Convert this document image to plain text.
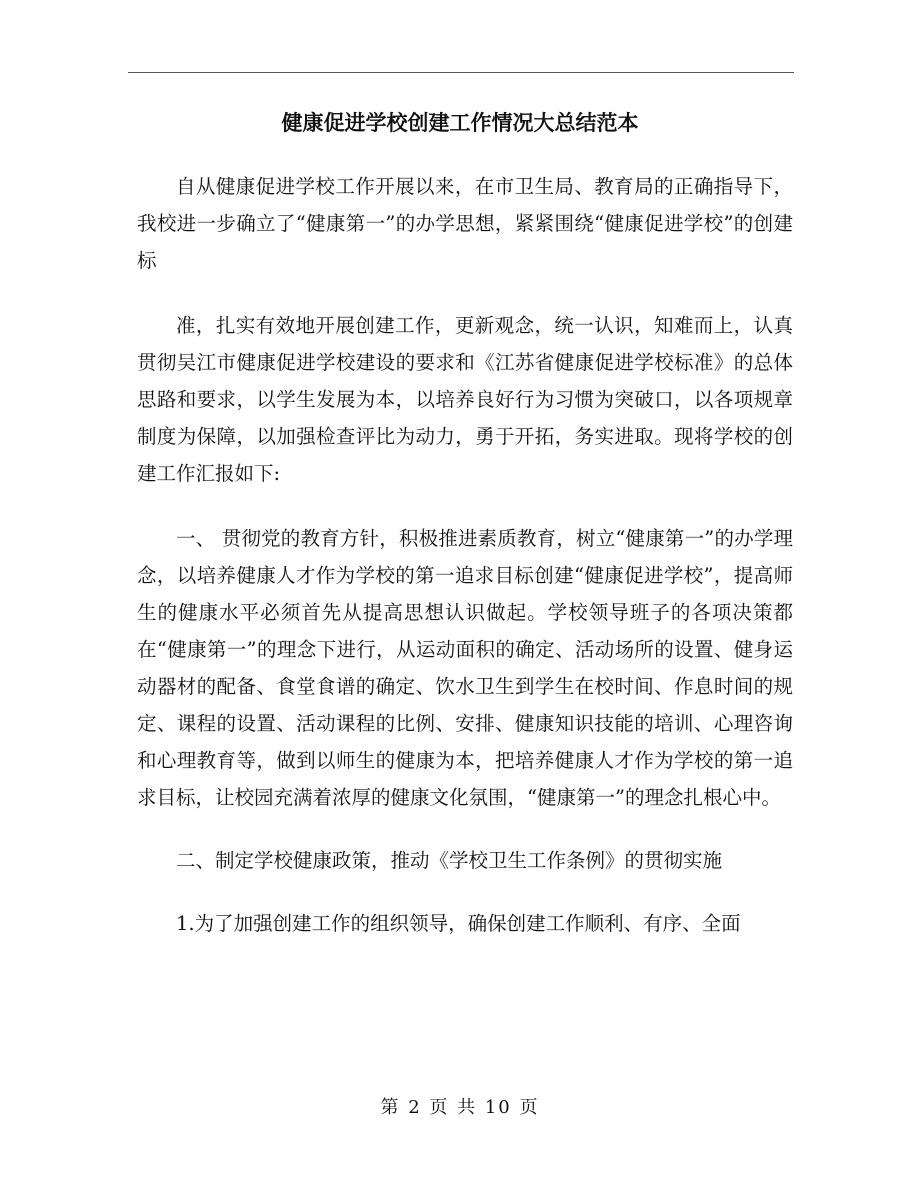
健康促进学校创建工作情况大总结范本

自从健康促进学校工作开展以来，在市卫生局、教育局的正确指导下，我校进一步确立了“健康第一”的办学思想，紧紧围绕“健康促进学校”的创建标

准，扎实有效地开展创建工作，更新观念，统一认识，知难而上，认真贯彻吴江市健康促进学校建设的要求和《江苏省健康促进学校标准》的总体思路和要求，以学生发展为本，以培养良好行为习惯为突破口，以各项规章制度为保障，以加强检查评比为动力，勇于开拓，务实进取。现将学校的创建工作汇报如下:

一、 贯彻党的教育方针，积极推进素质教育，树立“健康第一”的办学理念，以培养健康人才作为学校的第一追求目标创建“健康促进学校”，提高师生的健康水平必须首先从提高思想认识做起。学校领导班子的各项决策都在“健康第一”的理念下进行，从运动面积的确定、活动场所的设置、健身运动器材的配备、食堂食谱的确定、饮水卫生到学生在校时间、作息时间的规定、课程的设置、活动课程的比例、安排、健康知识技能的培训、心理咨询和心理教育等，做到以师生的健康为本，把培养健康人才作为学校的第一追求目标，让校园充满着浓厚的健康文化氛围，“健康第一”的理念扎根心中。

二、制定学校健康政策，推动《学校卫生工作条例》的贯彻实施

1.为了加强创建工作的组织领导，确保创建工作顺利、有序、全面

第 2 页 共 10 页
